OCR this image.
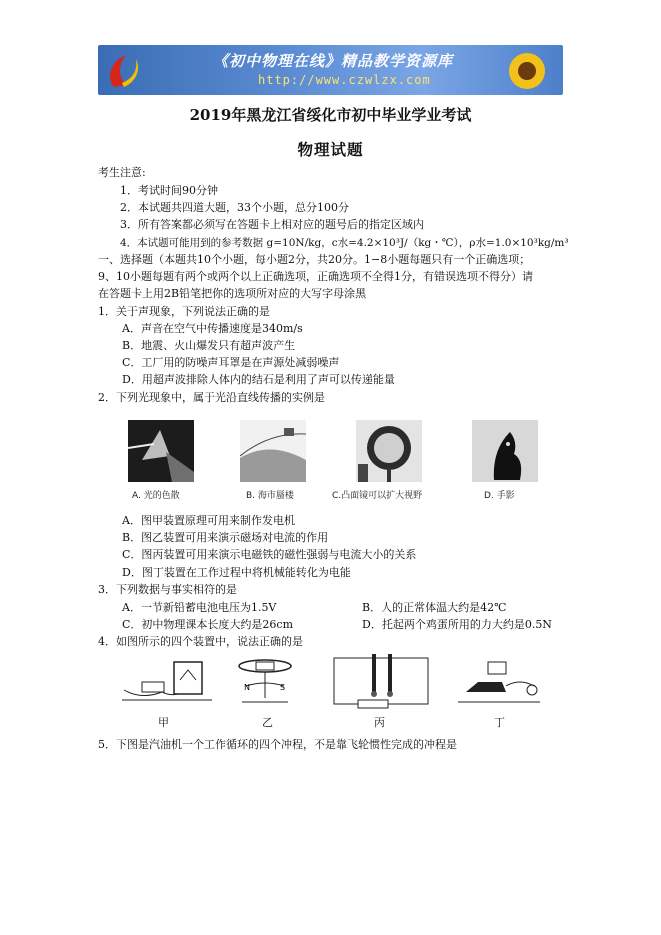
《初中物理在线》精品教学资源库
http://www.czwlzx.com
2019年黑龙江省绥化市初中毕业学业考试
物理试题
考生注意:
1．考试时间90分钟
2．本试题共四道大题，33个小题，总分100分
3．所有答案都必须写在答题卡上相对应的题号后的指定区域内
4．本试题可能用到的参考数据 g=10N/kg，c水=4.2×10³J/（kg・℃），ρ水=1.0×10³kg/m³
一、选择题（本题共10个小题，每小题2分，共20分。1−8小题每题只有一个正确选项；
9、10小题每题有两个或两个以上正确选项，正确选项不全得1分，有错误选项不得分）请
在答题卡上用2B铅笔把你的选项所对应的大写字母涂黑
1．关于声现象，下列说法正确的是
A．声音在空气中传播速度是340m/s
B．地震、火山爆发只有超声波产生
C．工厂用的防噪声耳罩是在声源处减弱噪声
D．用超声波排除人体内的结石是利用了声可以传递能量
2．下列光现象中，属于光沿直线传播的实例是
A. 光的色散	B. 海市蜃楼	C.凸面镜可以扩大视野	D. 手影
A．图甲装置原理可用来制作发电机
B．图乙装置可用来演示磁场对电流的作用
C．图丙装置可用来演示电磁铁的磁性强弱与电流大小的关系
D．图丁装置在工作过程中将机械能转化为电能
3．下列数据与事实相符的是
A．一节新铅蓄电池电压为1.5V	B．人的正常体温大约是42℃
C．初中物理课本长度大约是26cm	D．托起两个鸡蛋所用的力大约是0.5N
4．如图所示的四个装置中，说法正确的是
N	S
甲	乙	丙	丁
5．下图是汽油机一个工作循环的四个冲程，不是靠飞轮惯性完成的冲程是
